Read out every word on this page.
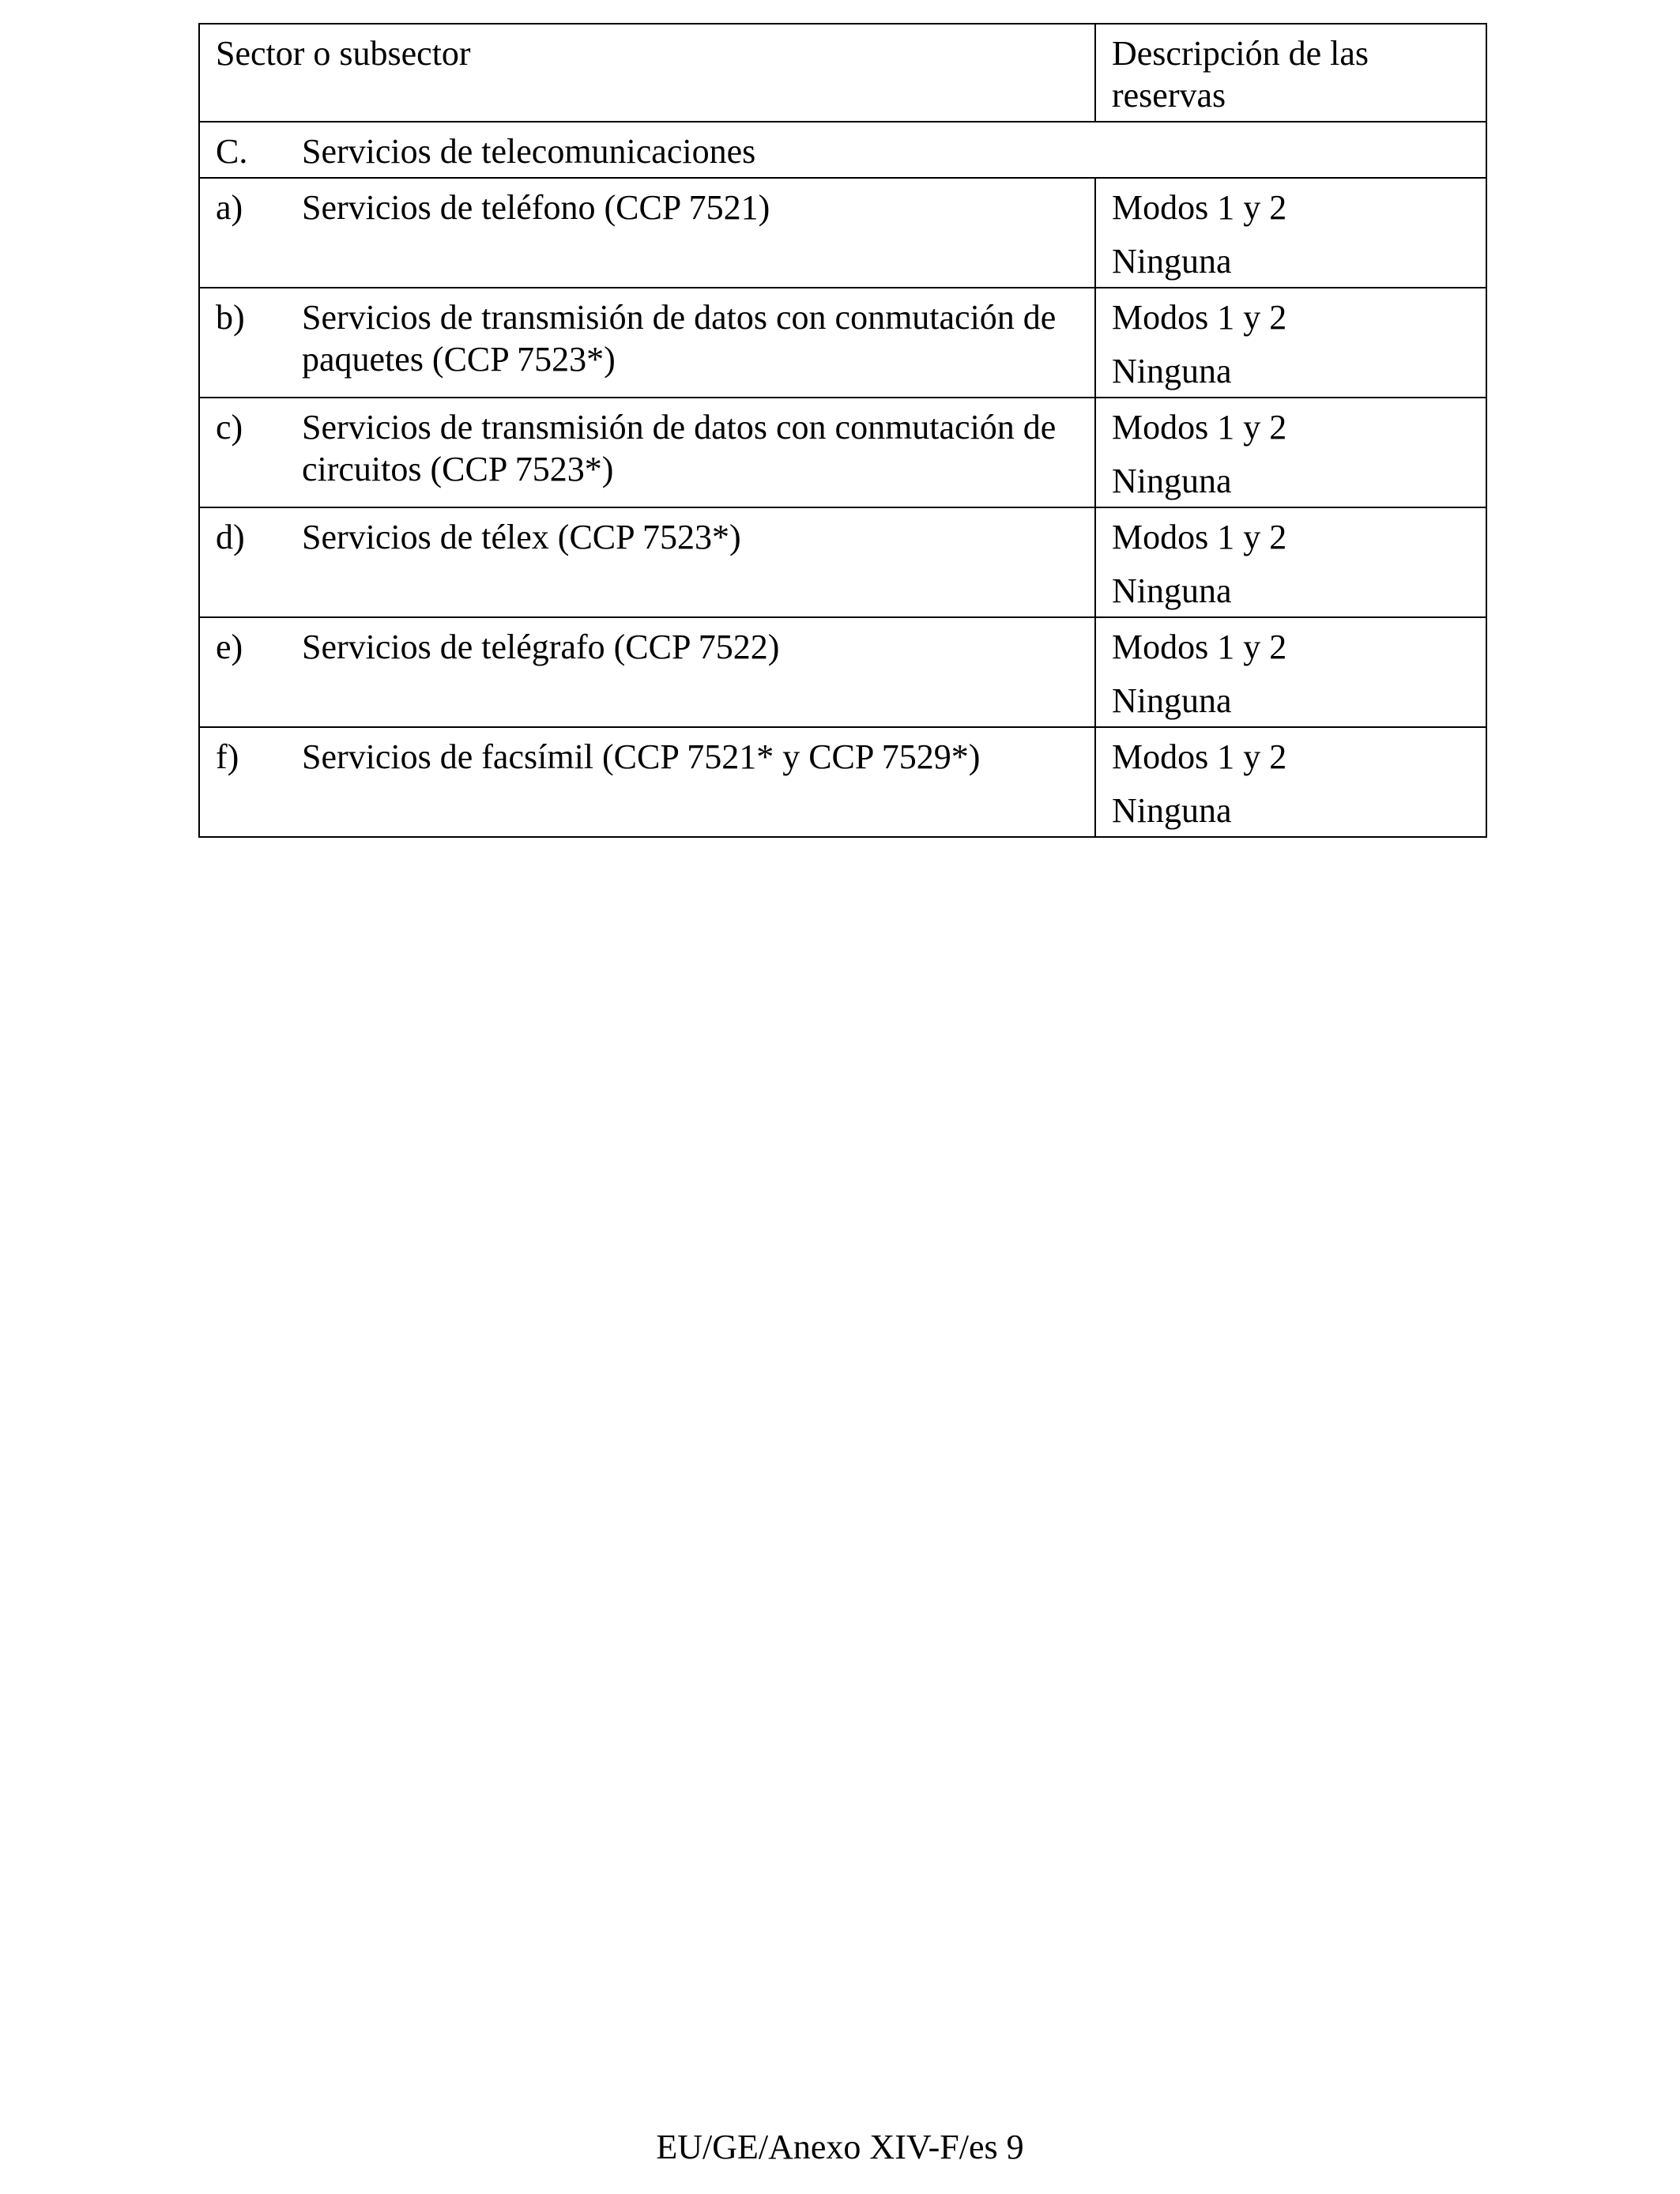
Sector o subsector	Descripción de las reservas

C. Servicios de telecomunicaciones	

a) Servicios de teléfono (CCP 7521)	Modos 1 y 2
Ninguna

b) Servicios de transmisión de datos con conmutación de paquetes (CCP 7523*)	Modos 1 y 2
Ninguna

c) Servicios de transmisión de datos con conmutación de circuitos (CCP 7523*)	Modos 1 y 2
Ninguna

d) Servicios de télex (CCP 7523*)	Modos 1 y 2
Ninguna

e) Servicios de telégrafo (CCP 7522)	Modos 1 y 2
Ninguna

f) Servicios de facsímil (CCP 7521* y CCP 7529*)	Modos 1 y 2
Ninguna
EU/GE/Anexo XIV-F/es 9
